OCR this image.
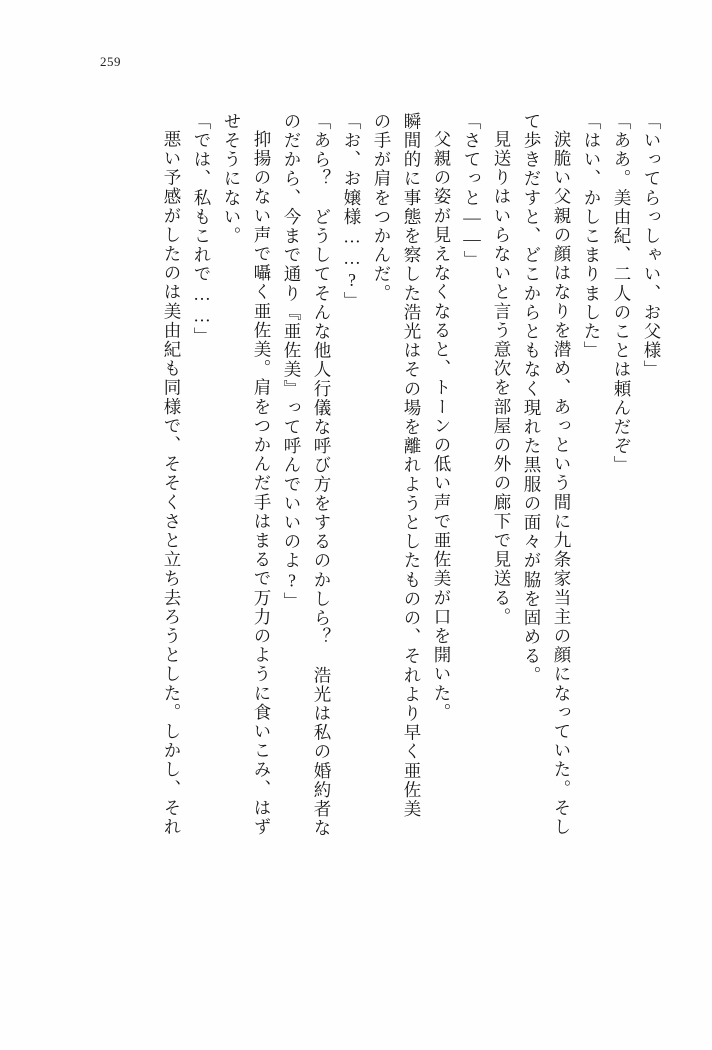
259
「いってらっしゃい、お父様」
「ああ。美由紀、二人のことは頼んだぞ」
「はい、かしこまりました」
涙脆い父親の顔はなりを潜め、あっという間に九条家当主の顔になっていた。そし
て歩きだすと、どこからともなく現れた黒服の面々が脇を固める。
見送りはいらないと言う意次を部屋の外の廊下で見送る。
「さてっと——」
父親の姿が見えなくなると、トーンの低い声で亜佐美が口を開いた。
瞬間的に事態を察した浩光はその場を離れようとしたものの、それより早く亜佐美
の手が肩をつかんだ。
「お、お嬢様……?」
「あら？　どうしてそんな他人行儀な呼び方をするのかしら？　浩光は私の婚約者な
のだから、今まで通り『亜佐美』って呼んでいいのよ?」
抑揚のない声で囁く亜佐美。肩をつかんだ手はまるで万力のように食いこみ、はず
せそうにない。
「では、私もこれで……」
悪い予感がしたのは美由紀も同様で、そそくさと立ち去ろうとした。しかし、それ
